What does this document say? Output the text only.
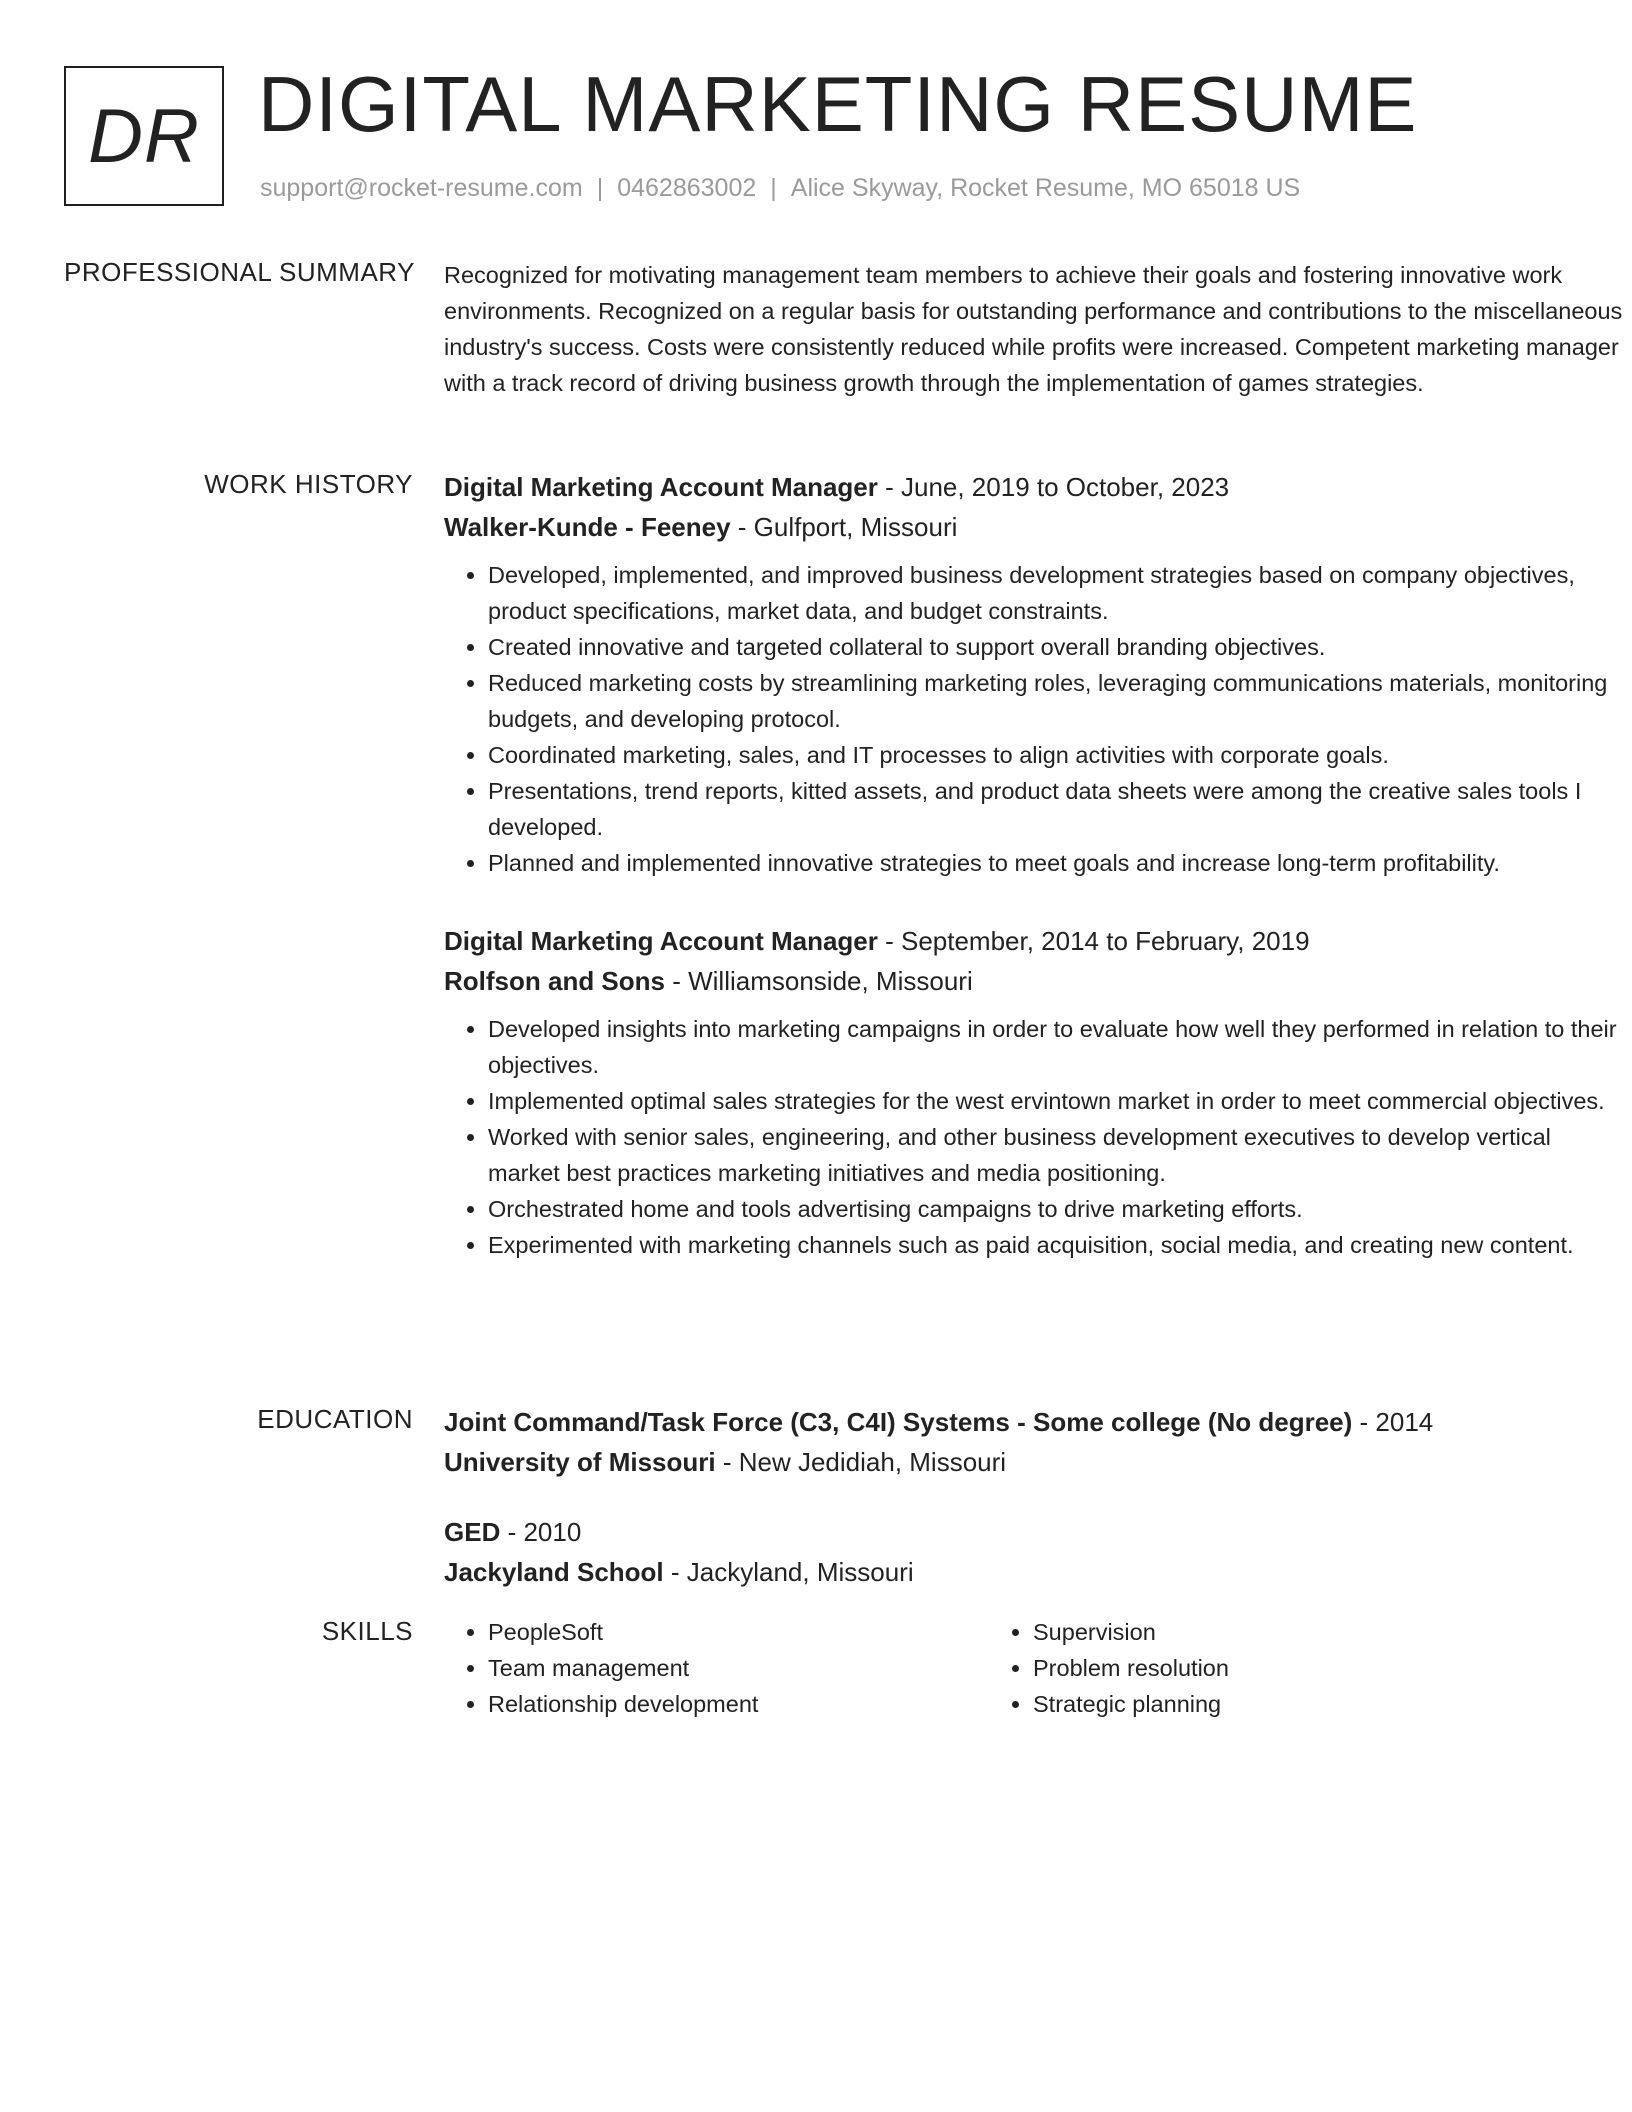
DR DIGITAL MARKETING RESUME
support@rocket-resume.com | 0462863002 | Alice Skyway, Rocket Resume, MO 65018 US
PROFESSIONAL SUMMARY Recognized for motivating management team members to achieve their goals and fostering innovative work environments. Recognized on a regular basis for outstanding performance and contributions to the miscellaneous industry's success. Costs were consistently reduced while profits were increased. Competent marketing manager with a track record of driving business growth through the implementation of games strategies.

WORK HISTORY Digital Marketing Account Manager - June, 2019 to October, 2023
Walker-Kunde - Feeney - Gulfport, Missouri
• Developed, implemented, and improved business development strategies based on company objectives, product specifications, market data, and budget constraints.
• Created innovative and targeted collateral to support overall branding objectives.
• Reduced marketing costs by streamlining marketing roles, leveraging communications materials, monitoring budgets, and developing protocol.
• Coordinated marketing, sales, and IT processes to align activities with corporate goals.
• Presentations, trend reports, kitted assets, and product data sheets were among the creative sales tools I developed.
• Planned and implemented innovative strategies to meet goals and increase long-term profitability.
Digital Marketing Account Manager - September, 2014 to February, 2019
Rolfson and Sons - Williamsonside, Missouri
• Developed insights into marketing campaigns in order to evaluate how well they performed in relation to their objectives.
• Implemented optimal sales strategies for the west ervintown market in order to meet commercial objectives.
• Worked with senior sales, engineering, and other business development executives to develop vertical market best practices marketing initiatives and media positioning.
• Orchestrated home and tools advertising campaigns to drive marketing efforts.
• Experimented with marketing channels such as paid acquisition, social media, and creating new content.
EDUCATION Joint Command/Task Force (C3, C4I) Systems - Some college (No degree) - 2014
University of Missouri - New Jedidiah, Missouri
GED - 2010
Jackyland School - Jackyland, Missouri
SKILLS
•	PeopleSoft
• Team management
• Relationship development
• Supervision
• Problem resolution
• Strategic planning
